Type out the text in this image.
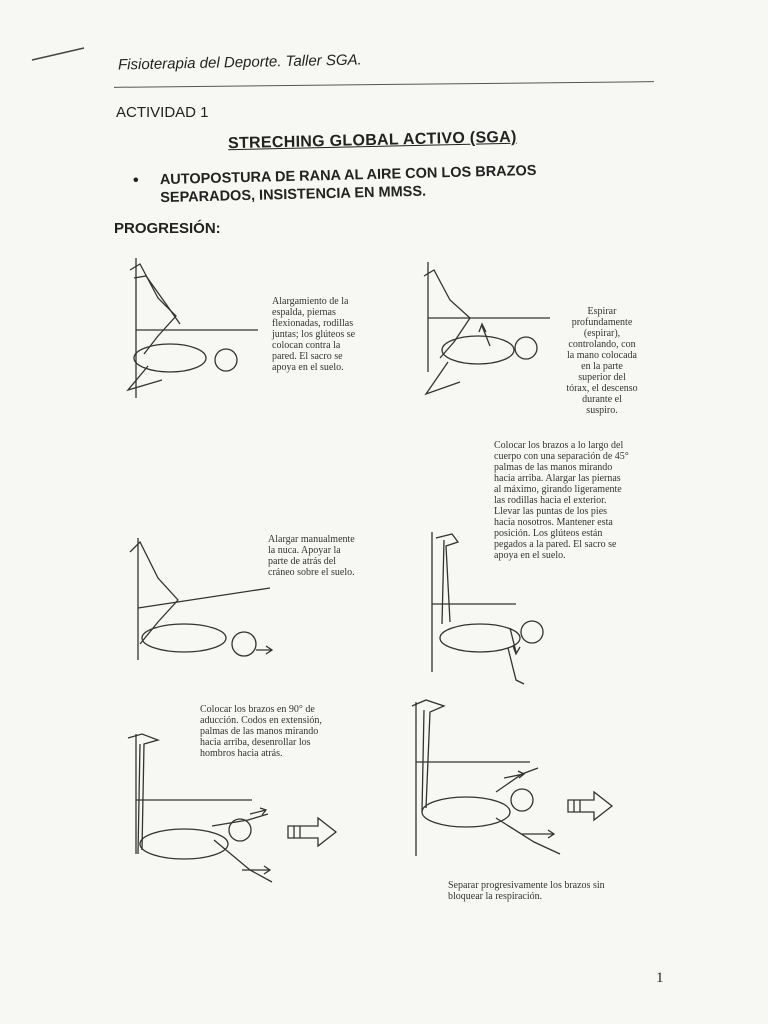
Fisioterapia del Deporte. Taller SGA.
ACTIVIDAD 1
STRECHING GLOBAL ACTIVO (SGA)
• AUTOPOSTURA DE RANA AL AIRE CON LOS BRAZOS SEPARADOS, INSISTENCIA EN MMSS.
PROGRESIÓN:
Alargamiento de la espalda, piernas flexionadas, rodillas juntas; los glúteos se colocan contra la pared. El sacro se apoya en el suelo.
Espirar profundamente (espirar), controlando, con la mano colocada en la parte superior del tórax, el descenso durante el suspiro.
Alargar manualmente la nuca. Apoyar la parte de atrás del cráneo sobre el suelo.
Colocar los brazos a lo largo del cuerpo con una separación de 45° palmas de las manos mirando hacia arriba. Alargar las piernas al máximo, girando ligeramente las rodillas hacia el exterior. Llevar las puntas de los pies hacia nosotros. Mantener esta posición. Los glúteos están pegados a la pared. El sacro se apoya en el suelo.
Colocar los brazos en 90° de aducción. Codos en extensión, palmas de las manos mirando hacia arriba, desenrollar los hombros hacia atrás.
Separar progresivamente los brazos sin bloquear la respiración.
1
